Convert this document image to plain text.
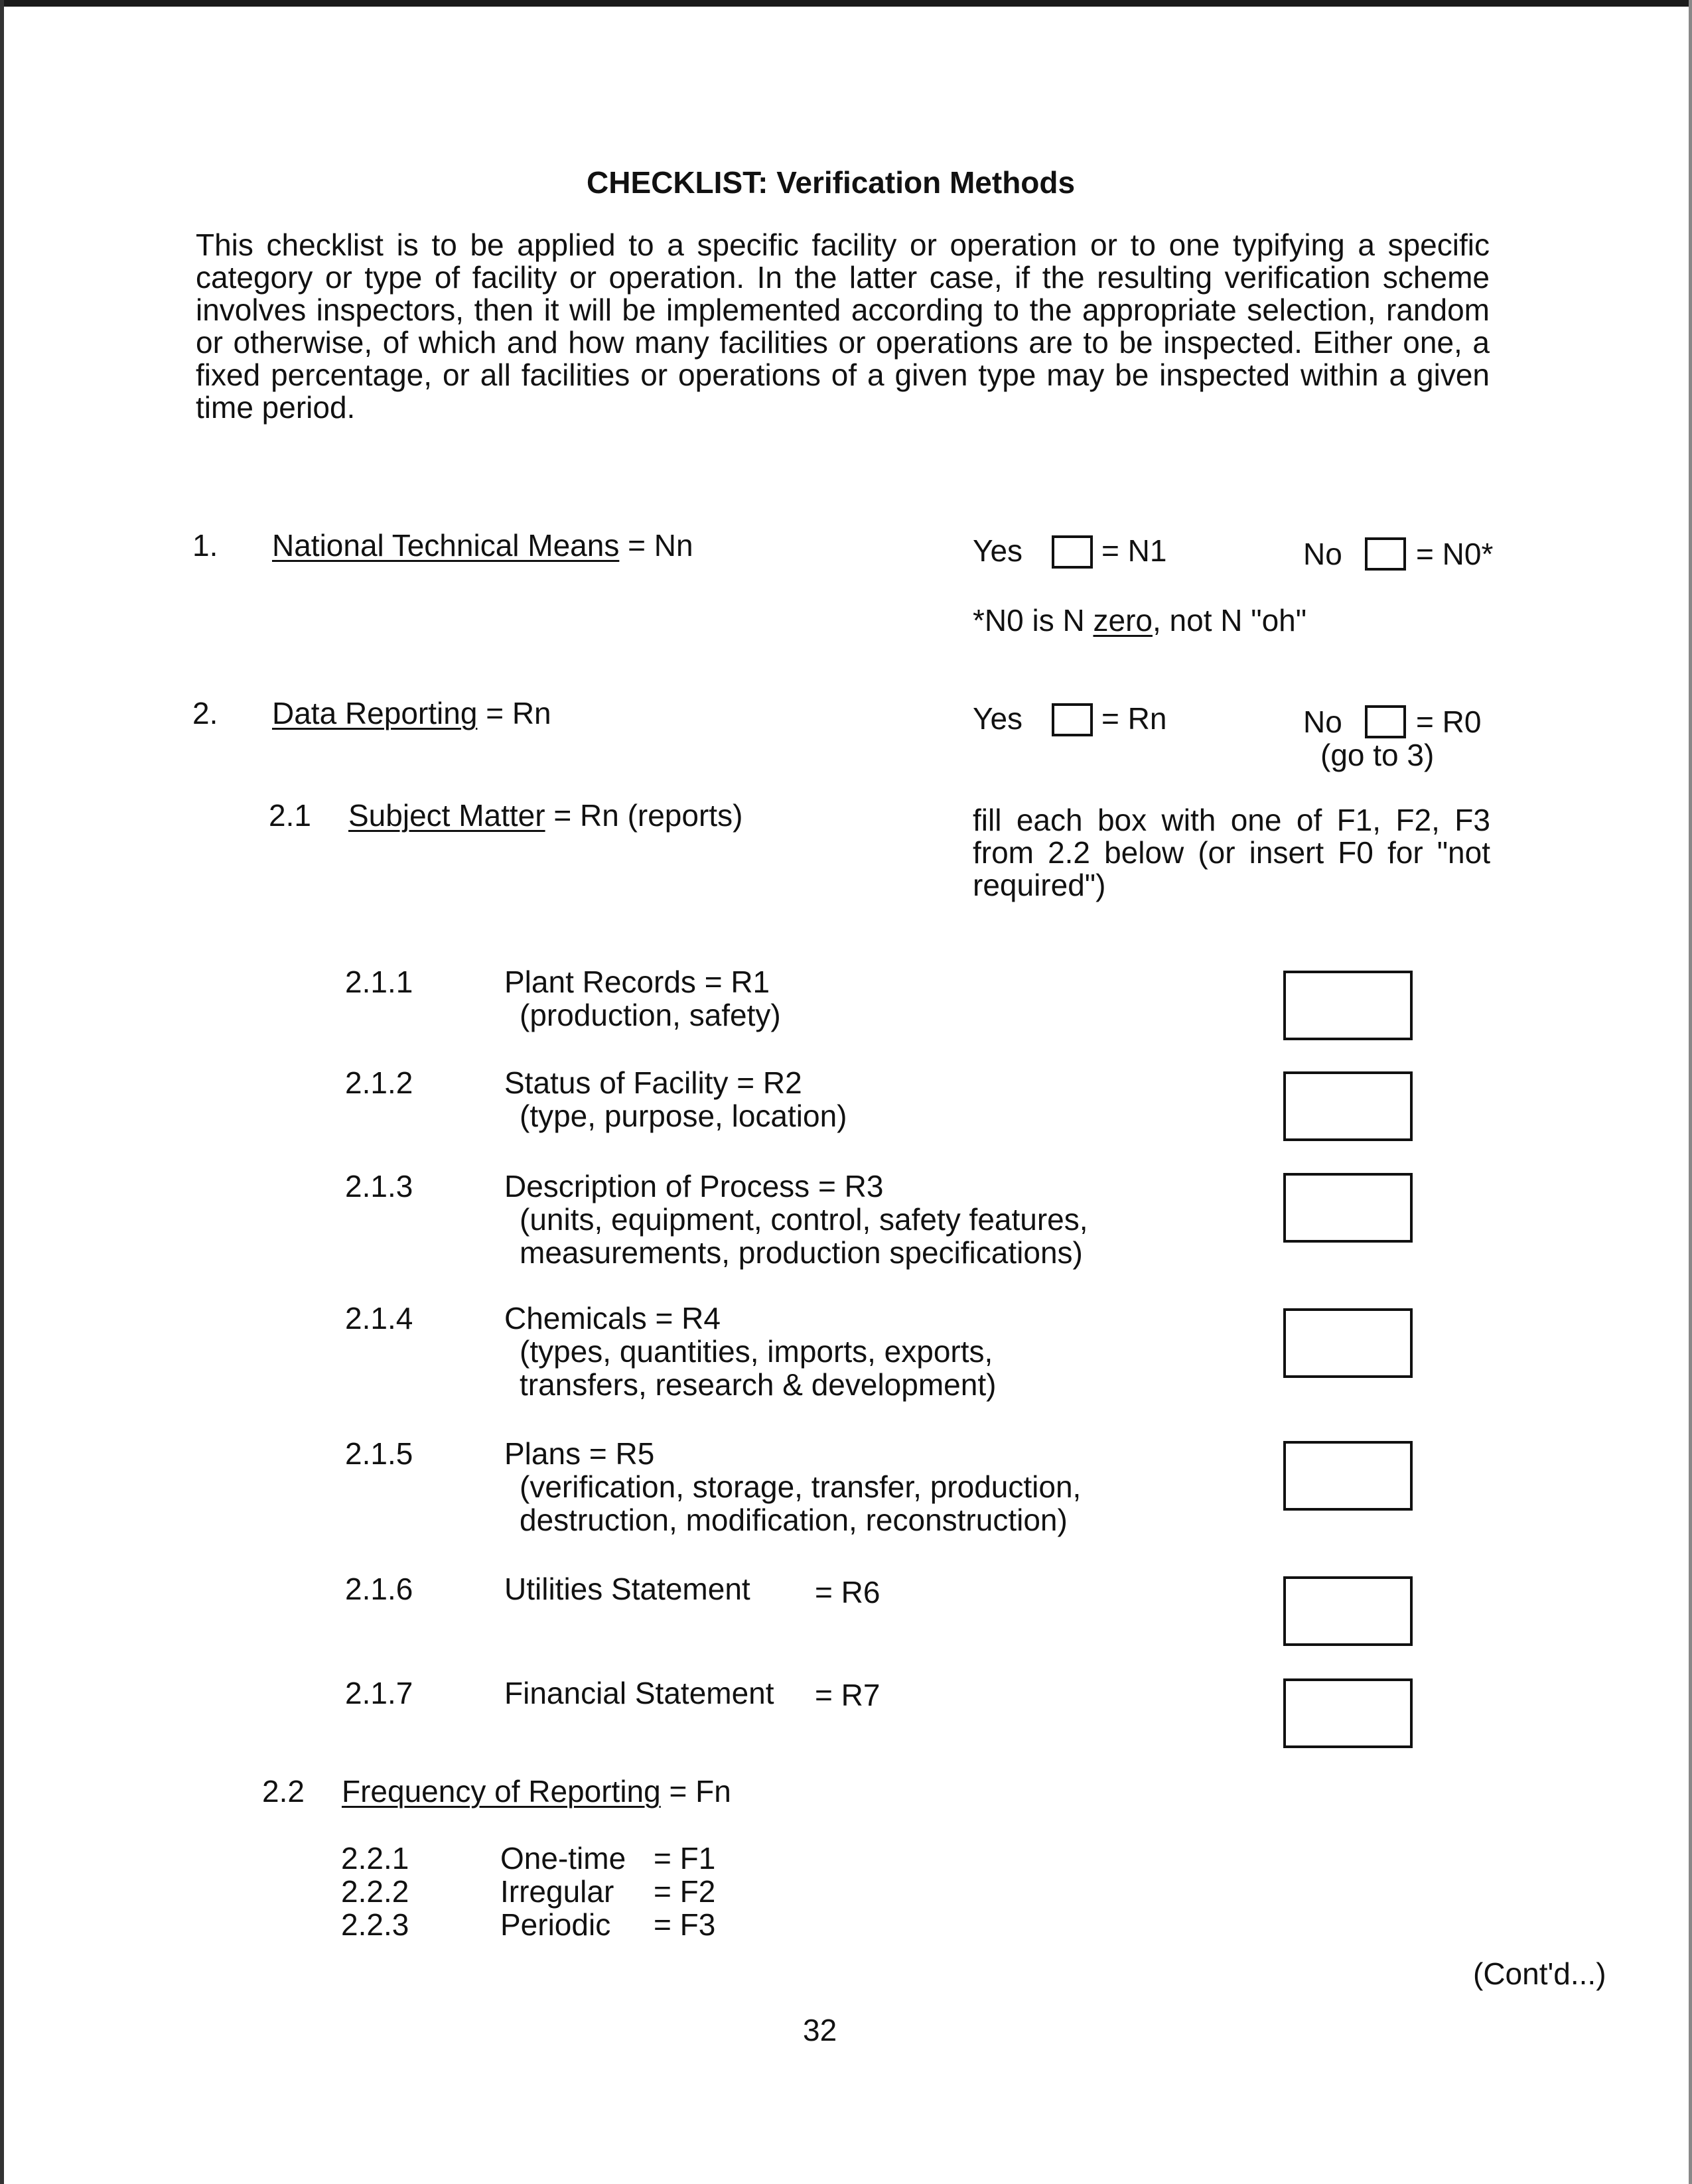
CHECKLIST: Verification Methods

This checklist is to be applied to a specific facility or operation or to one typifying a specific category or type of facility or operation. In the latter case, if the resulting verification scheme involves inspectors, then it will be implemented according to the appropriate selection, random or otherwise, of which and how many facilities or operations are to be inspected. Either one, a fixed percentage, or all facilities or operations of a given type may be inspected within a given time period.

1. National Technical Means = Nn	Yes	= N1	No = N0*
*N0 is N zero, not N "oh"
2. Data Reporting = Rn	Yes	= Rn	No = R0
(go to 3)
2.1 Subject Matter = Rn (reports)	fill each box with one of F1, F2, F3 from 2.2 below (or insert F0 for "not required")

2.1.1	Plant Records = R1
(production, safety)
2.1.2	Status of Facility = R2
(type, purpose, location)
2.1.3	Description of Process = R3
(units, equipment, control, safety features,
measurements, production specifications)
2.1.4	Chemicals = R4
(types, quantities, imports, exports,
transfers, research & development)
2.1.5	Plans = R5
(verification, storage, transfer, production,
destruction, modification, reconstruction)
2.1.6	Utilities Statement = R6
2.1.7	Financial Statement = R7
2.2 Frequency of Reporting = Fn
2.2.1	One-time = F1
2.2.2	Irregular = F2
2.2.3	Periodic = F3
(Cont'd...)
32
